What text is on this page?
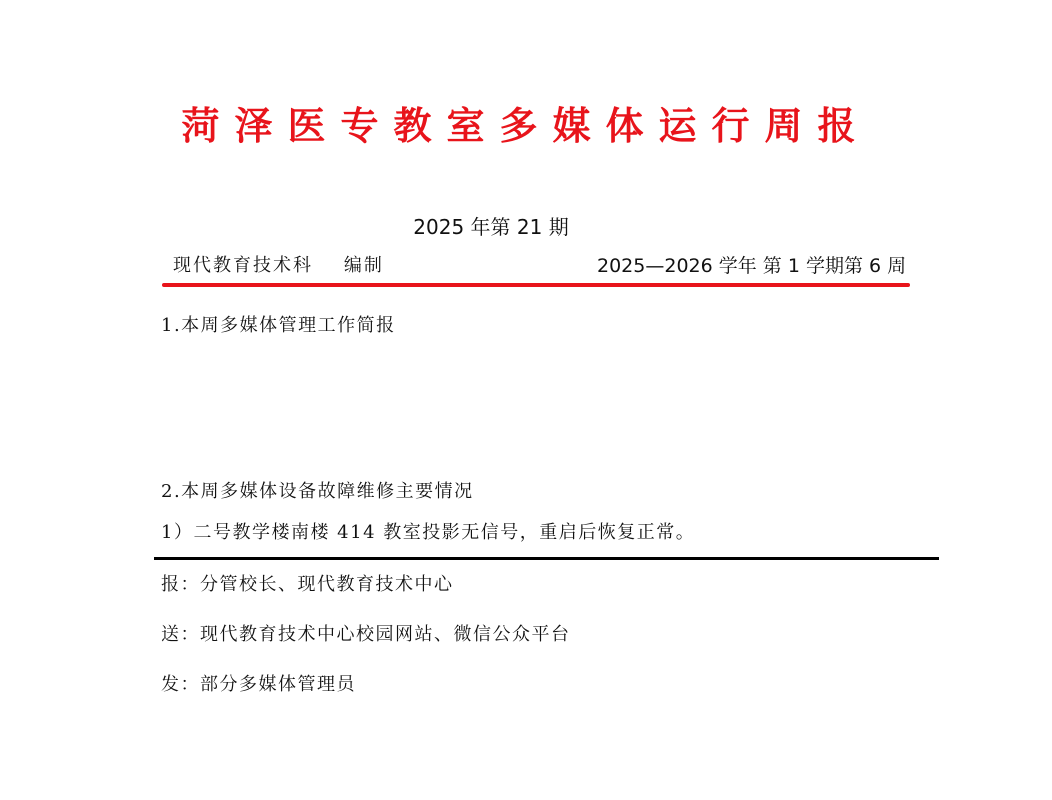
菏泽医专教室多媒体运行周报
2025 年第 21 期
现代教育技术科    编制	2025—2026 学年 第 1 学期第 6 周
1.本周多媒体管理工作简报
2.本周多媒体设备故障维修主要情况
1）二号教学楼南楼 414 教室投影无信号，重启后恢复正常。
报：分管校长、现代教育技术中心
送：现代教育技术中心校园网站、微信公众平台
发：部分多媒体管理员
